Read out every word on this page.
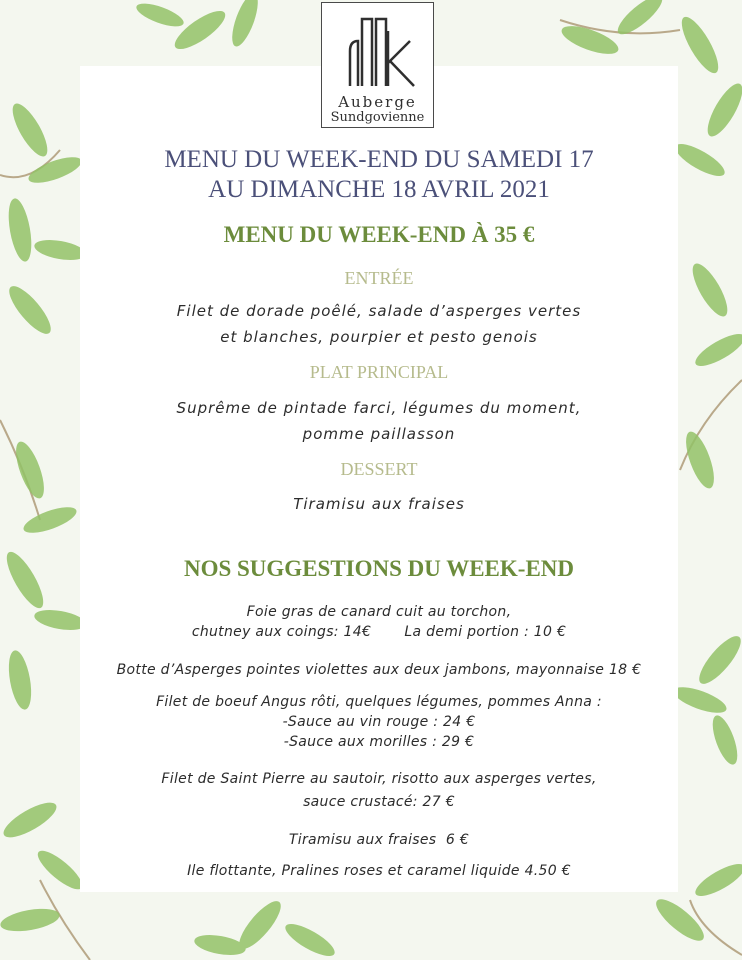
Auberge
Sundgovienne
MENU DU WEEK-END DU SAMEDI 17
AU DIMANCHE 18 AVRIL 2021
MENU DU WEEK-END À 35 €
ENTRÉE
Filet de dorade poêlé, salade d’asperges vertes
et blanches, pourpier et pesto genois
PLAT PRINCIPAL
Suprême de pintade farci, légumes du moment,
pomme paillasson
DESSERT
Tiramisu aux fraises
NOS SUGGESTIONS DU WEEK-END
Foie gras de canard cuit au torchon,
chutney aux coings: 14€       La demi portion : 10 €
Botte d’Asperges pointes violettes aux deux jambons, mayonnaise 18 €
Filet de boeuf Angus rôti, quelques légumes, pommes Anna :
-Sauce au vin rouge : 24 €
-Sauce aux morilles : 29 €
Filet de Saint Pierre au sautoir, risotto aux asperges vertes,
sauce crustacé: 27 €
Tiramisu aux fraises  6 €
Ile flottante, Pralines roses et caramel liquide 4.50 €
